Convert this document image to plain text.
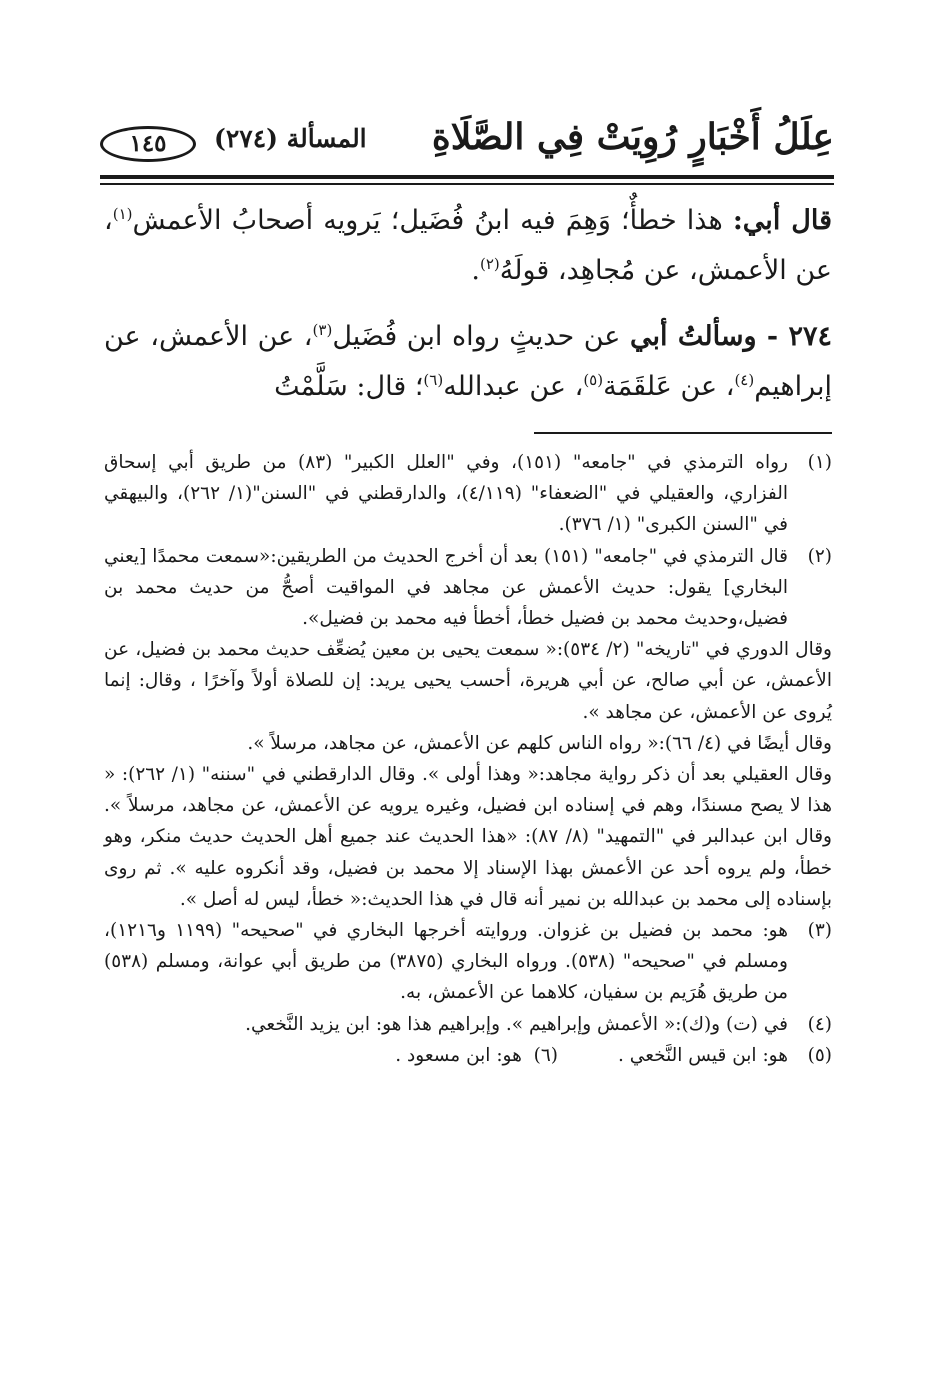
عِلَلُ أَخْبَارٍ رُوِيَتْ فِي الصَّلَاةِ
المسألة (٢٧٤)
١٤٥

قال أبي: هذا خطأٌ؛ وَهِمَ فيه ابنُ فُضَيل؛ يَرويه أصحابُ الأعمش$^{(١)}$، عن الأعمش، عن مُجاهِد، قولَهُ$^{(٢)}$.

٢٧٤ - وسألتُ أبي عن حديثٍ رواه ابن فُضَيل$^{(٣)}$، عن الأعمش، عن إبراهيم$^{(٤)}$، عن عَلقَمَة$^{(٥)}$، عن عبدالله$^{(٦)}$؛ قال: سَلَّمْتُ

(١)
رواه الترمذي في "جامعه" (١٥١)، وفي "العلل الكبير" (٨٣) من طريق أبي إسحاق الفزاري، والعقيلي في "الضعفاء" (٤/١١٩)، والدارقطني في "السنن"(١/ ٢٦٢)، والبيهقي في "السنن الكبرى" (١/ ٣٧٦).
(٢)
قال الترمذي في "جامعه" (١٥١) بعد أن أخرج الحديث من الطريقين:«سمعت محمدًا [يعني البخاري] يقول: حديث الأعمش عن مجاهد في المواقيت أصحُّ من حديث محمد بن فضيل،وحديث محمد بن فضيل خطأ، أخطأ فيه محمد بن فضيل».
وقال الدوري في "تاريخه" (٢/ ٥٣٤):« سمعت يحيى بن معين يُضعِّف حديث محمد بن فضيل، عن الأعمش، عن أبي صالح، عن أبي هريرة، أحسب يحيى يريد: إن للصلاة أولاً وآخرًا ، وقال: إنما يُروى عن الأعمش، عن مجاهد ».
وقال أيضًا في (٤/ ٦٦):« رواه الناس كلهم عن الأعمش، عن مجاهد، مرسلاً ».
وقال العقيلي بعد أن ذكر رواية مجاهد:« وهذا أولى ». وقال الدارقطني في "سننه" (١/ ٢٦٢): « هذا لا يصح مسندًا، وهم في إسناده ابن فضيل، وغيره يرويه عن الأعمش، عن مجاهد، مرسلاً ». وقال ابن عبدالبر في "التمهيد" (٨/ ٨٧): «هذا الحديث عند جميع أهل الحديث حديث منكر، وهو خطأ، ولم يروه أحد عن الأعمش بهذا الإسناد إلا محمد بن فضيل، وقد أنكروه عليه ». ثم روى بإسناده إلى محمد بن عبدالله بن نمير أنه قال في هذا الحديث:« خطأ، ليس له أصل ».
(٣)
هو: محمد بن فضيل بن غزوان. وروايته أخرجها البخاري في "صحيحه" (١١٩٩ و١٢١٦)، ومسلم في "صحيحه" (٥٣٨). ورواه البخاري (٣٨٧٥) من طريق أبي عوانة، ومسلم (٥٣٨) من طريق هُرَيم بن سفيان، كلاهما عن الأعمش، به.
(٤)
في (ت) و(ك):« الأعمش وإبراهيم ». وإبراهيم هذا هو: ابن يزيد النَّخعي.
(٥)
هو: ابن قيس النَّخعي .
(٦)  هو: ابن مسعود .
